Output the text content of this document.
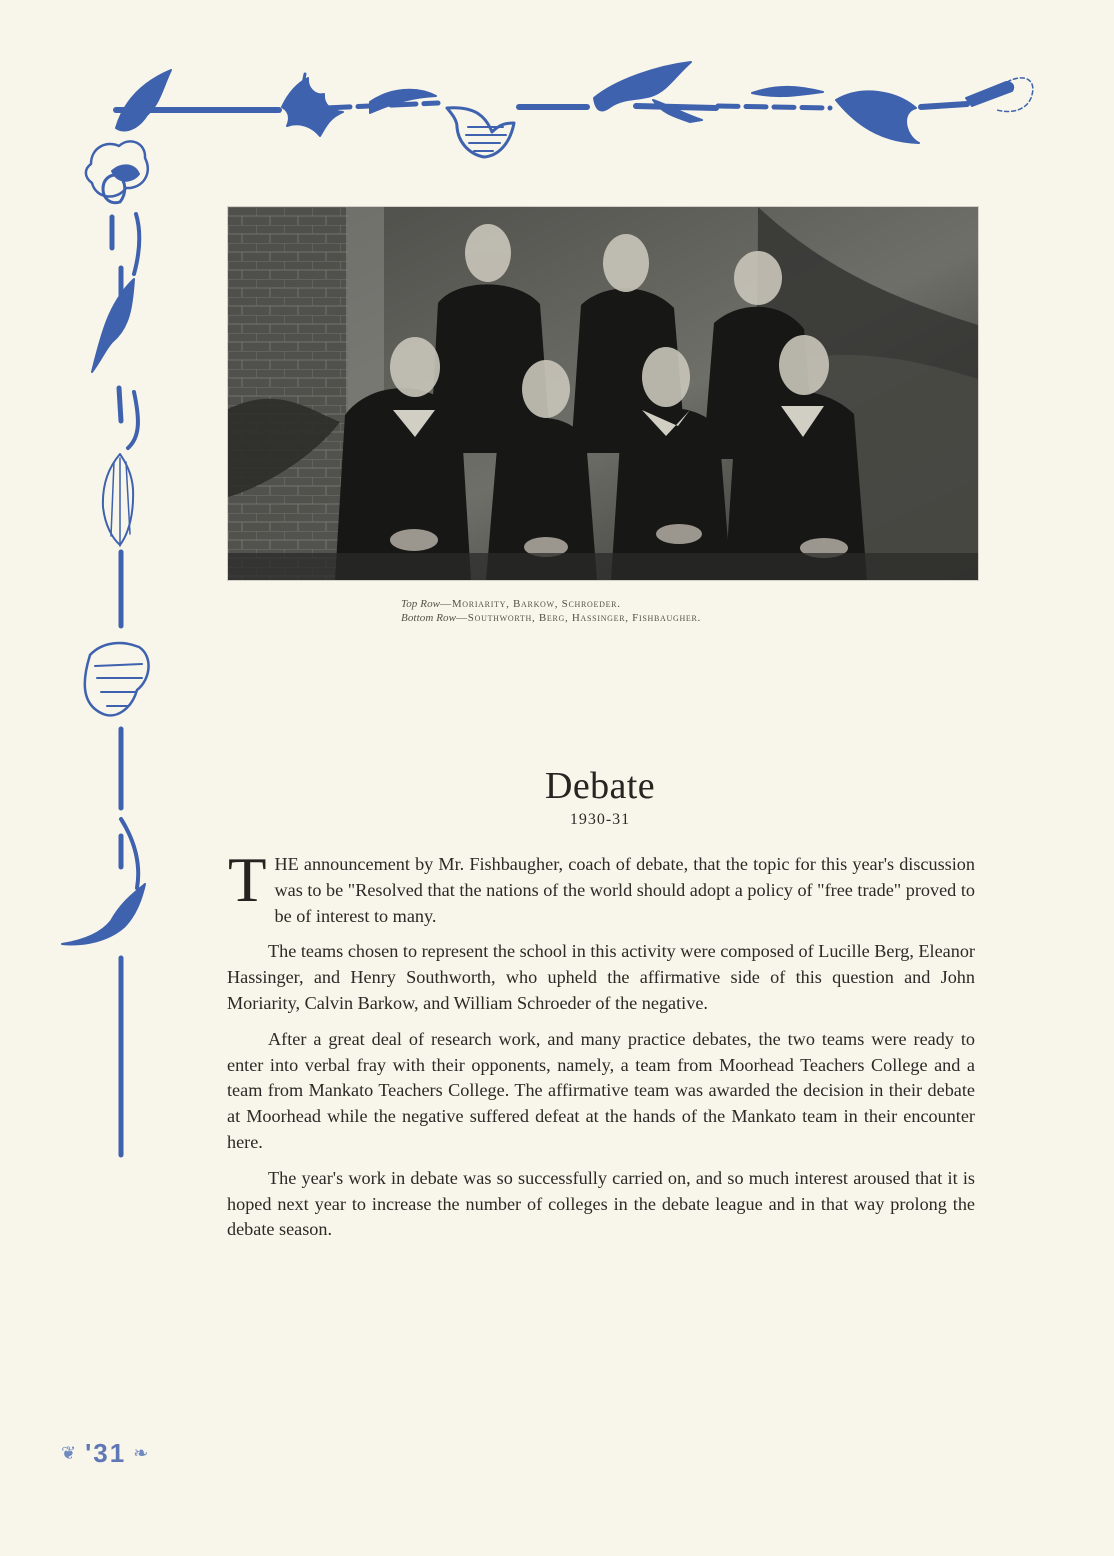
Top Row—Moriarity, Barkow, Schroeder.
Bottom Row—Southworth, Berg, Hassinger, Fishbaugher.
Debate
1930-31

THE announcement by Mr. Fishbaugher, coach of debate, that the topic for this year's discussion was to be "Resolved that the nations of the world should adopt a policy of "free trade" proved to be of interest to many.

The teams chosen to represent the school in this activity were composed of Lucille Berg, Eleanor Hassinger, and Henry Southworth, who upheld the affirmative side of this question and John Moriarity, Calvin Barkow, and William Schroeder of the negative.

After a great deal of research work, and many practice debates, the two teams were ready to enter into verbal fray with their opponents, namely, a team from Moorhead Teachers College and a team from Mankato Teachers College. The affirmative team was awarded the decision in their debate at Moorhead while the negative suffered defeat at the hands of the Mankato team in their encounter here.

The year's work in debate was so successfully carried on, and so much interest aroused that it is hoped next year to increase the number of colleges in the debate league and in that way prolong the debate season.

❦ '31 ❧
